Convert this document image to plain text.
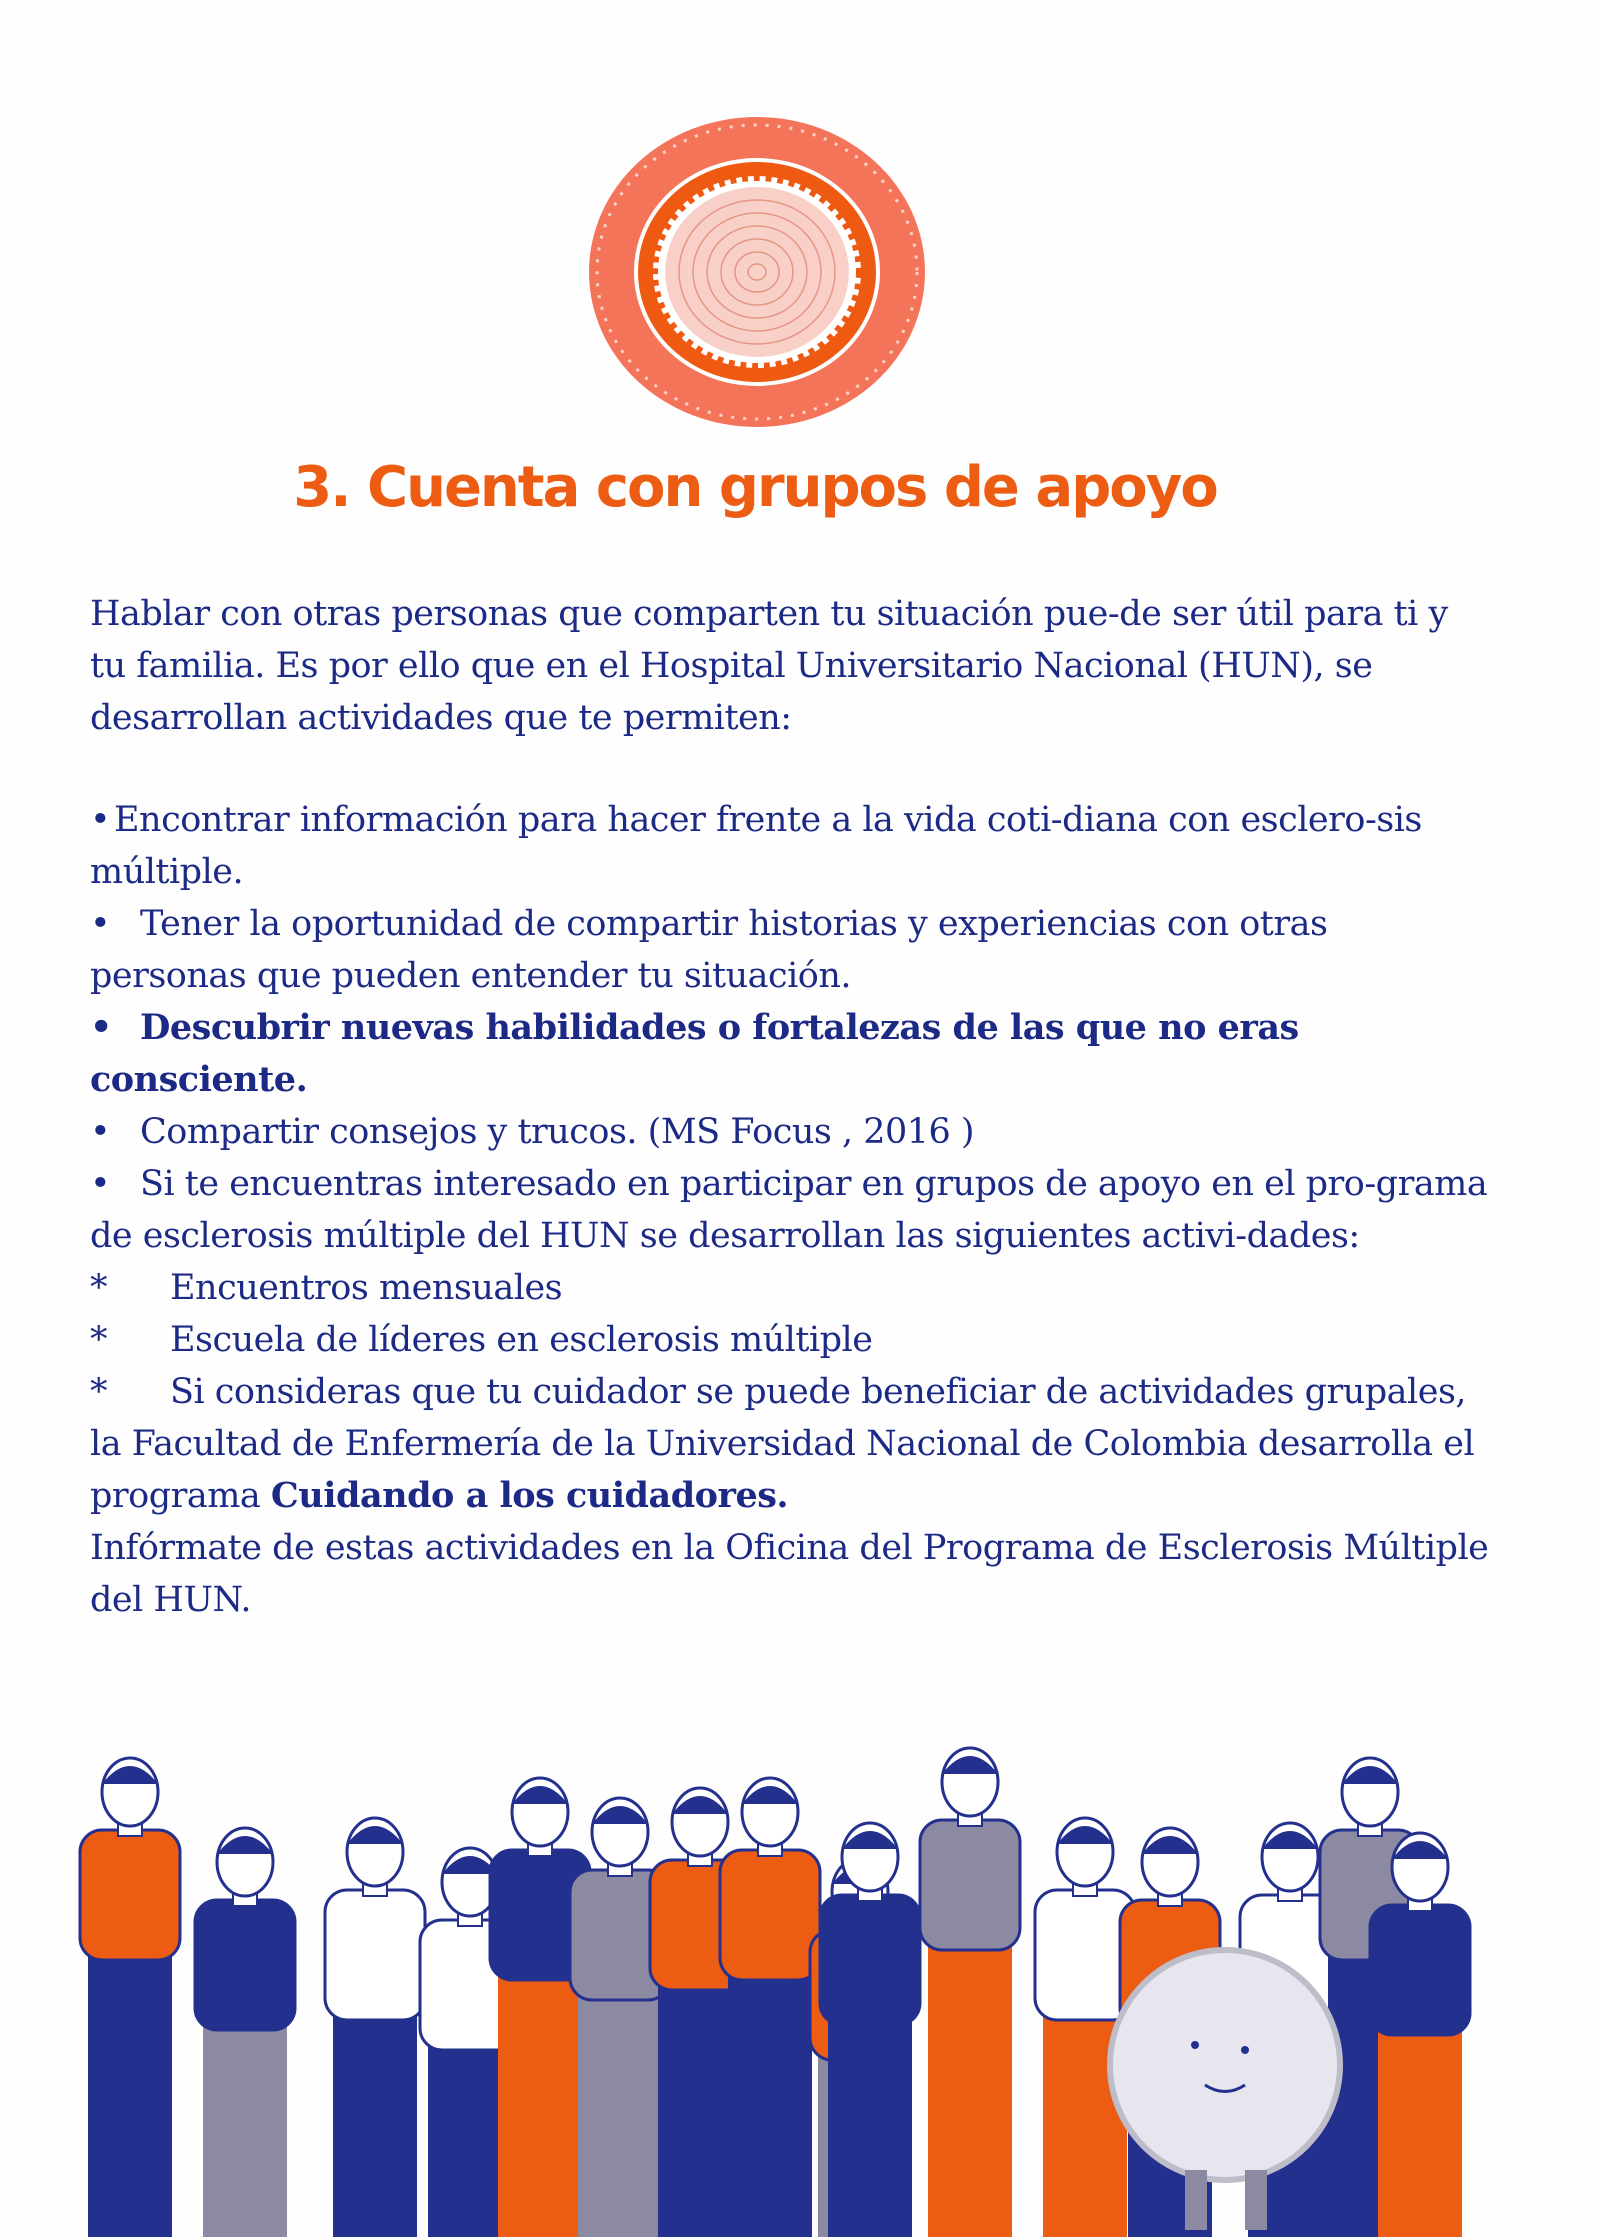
3. Cuenta con grupos de apoyo

Hablar con otras personas que comparten tu situación pue-de ser útil para ti y tu familia. Es por ello que en el Hospital Universitario Nacional (HUN), se desarrollan actividades que te permiten:

• Encontrar información para hacer frente a la vida coti-diana con esclero-sis múltiple.

• Tener la oportunidad de compartir historias y experiencias con otras personas que pueden entender tu situación.

• Descubrir nuevas habilidades o fortalezas de las que no eras consciente.

• Compartir consejos y trucos. (MS Focus , 2016 )

• Si te encuentras interesado en participar en grupos de apoyo en el pro-grama de esclerosis múltiple del HUN se desarrollan las siguientes activi-dades:

* Encuentros mensuales

* Escuela de líderes en esclerosis múltiple

* Si consideras que tu cuidador se puede beneficiar de actividades grupales, la Facultad de Enfermería de la Universidad Nacional de Colombia desarrolla el programa Cuidando a los cuidadores.

Infórmate de estas actividades en la Oficina del Programa de Esclerosis Múltiple del HUN.
